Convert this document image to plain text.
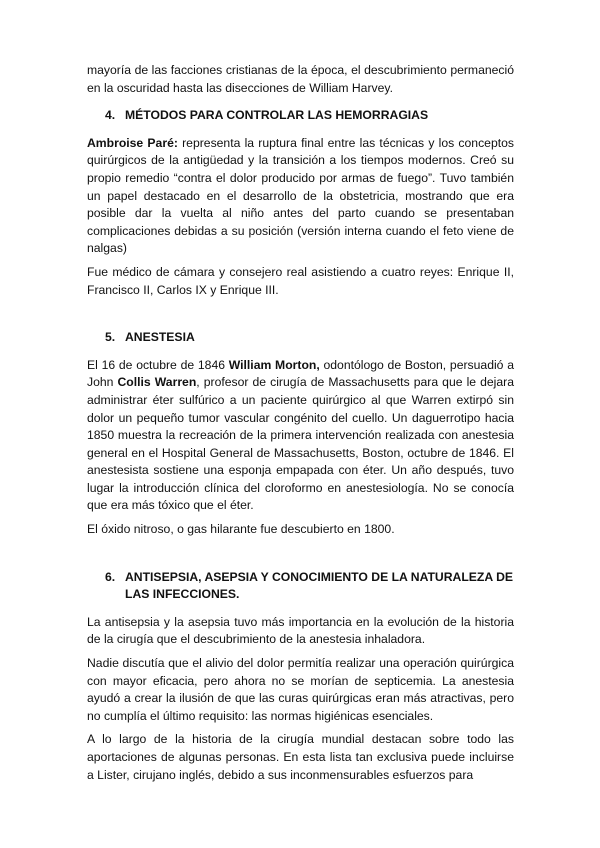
mayoría de las facciones cristianas de la época, el descubrimiento permaneció en la oscuridad hasta las disecciones de William Harvey.

4. MÉTODOS PARA CONTROLAR LAS HEMORRAGIAS

Ambroise Paré: representa la ruptura final entre las técnicas y los conceptos quirúrgicos de la antigüedad y la transición a los tiempos modernos. Creó su propio remedio “contra el dolor producido por armas de fuego”. Tuvo también un papel destacado en el desarrollo de la obstetricia, mostrando que era posible dar la vuelta al niño antes del parto cuando se presentaban complicaciones debidas a su posición (versión interna cuando el feto viene de nalgas)

Fue médico de cámara y consejero real asistiendo a cuatro reyes: Enrique II, Francisco II, Carlos IX y Enrique III.

5. ANESTESIA

El 16 de octubre de 1846 William Morton, odontólogo de Boston, persuadió a John Collis Warren, profesor de cirugía de Massachusetts para que le dejara administrar éter sulfúrico a un paciente quirúrgico al que Warren extirpó sin dolor un pequeño tumor vascular congénito del cuello. Un daguerrotipo hacia 1850 muestra la recreación de la primera intervención realizada con anestesia general en el Hospital General de Massachusetts, Boston, octubre de 1846. El anestesista sostiene una esponja empapada con éter. Un año después, tuvo lugar la introducción clínica del cloroformo en anestesiología. No se conocía que era más tóxico que el éter.

El óxido nitroso, o gas hilarante fue descubierto en 1800.

6. ANTISEPSIA, ASEPSIA Y CONOCIMIENTO DE LA NATURALEZA DE LAS INFECCIONES.

La antisepsia y la asepsia tuvo más importancia en la evolución de la historia de la cirugía que el descubrimiento de la anestesia inhaladora.

Nadie discutía que el alivio del dolor permitía realizar una operación quirúrgica con mayor eficacia, pero ahora no se morían de septicemia. La anestesia ayudó a crear la ilusión de que las curas quirúrgicas eran más atractivas, pero no cumplía el último requisito: las normas higiénicas esenciales.

A lo largo de la historia de la cirugía mundial destacan sobre todo las aportaciones de algunas personas. En esta lista tan exclusiva puede incluirse a Lister, cirujano inglés, debido a sus inconmensurables esfuerzos para
